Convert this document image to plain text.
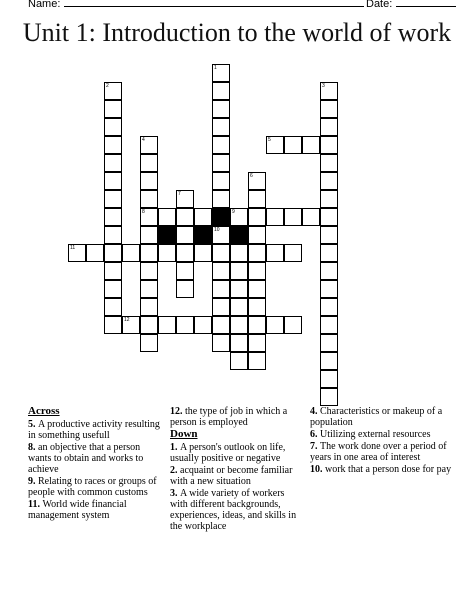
Name:	Date:
Unit 1: Introduction to the world of work
1
10
2	3
4
8
5
6
7
9
11
12
Across
5. A productive activity resulting in something usefull
8. an objective that a person wants to obtain and works to achieve
9. Relating to races or groups of people with common customs
11. World wide financial management system
12. the type of job in which a person is employed
Down
1. A person's outlook on life, usually positive or negative
2. acquaint or become familiar with a new situation
3. A wide variety of workers with different backgrounds, experiences, ideas, and skills in the workplace
4. Characteristics or makeup of a population
6. Utilizing external resources
7. The work done over a period of years in one area of interest
10. work that a person dose for pay
